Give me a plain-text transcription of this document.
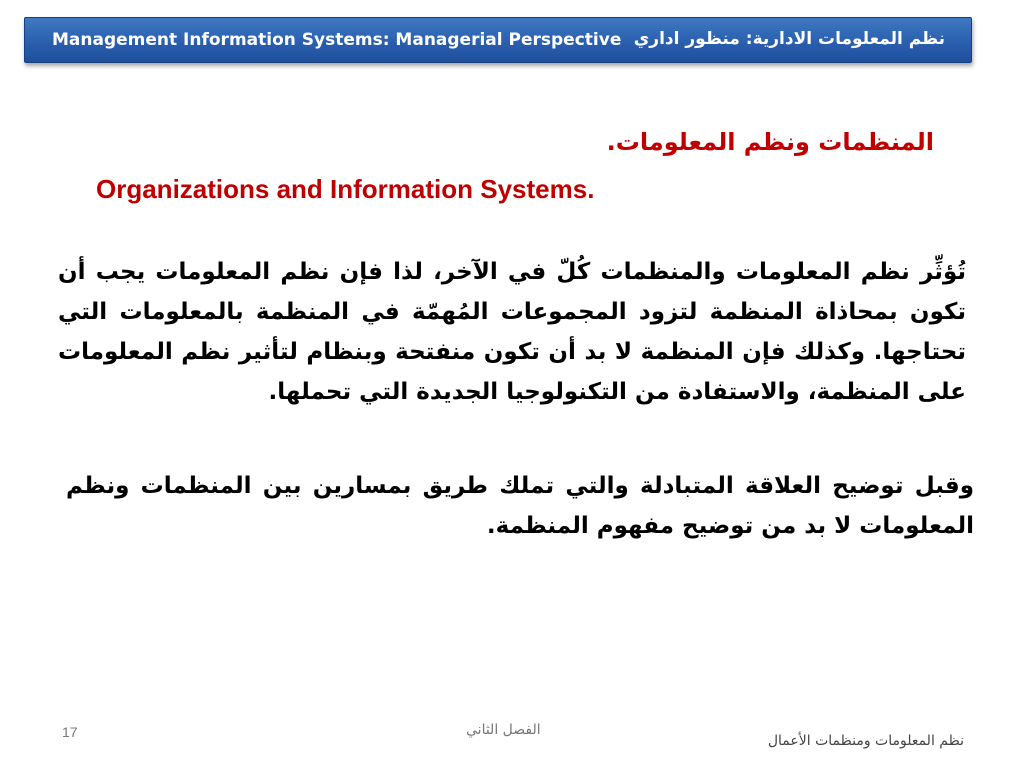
Management Information Systems: Managerial Perspective نظم المعلومات الادارية: منظور اداري
المنظمات ونظم المعلومات.
Organizations and Information Systems.
تُؤثِّر نظم المعلومات والمنظمات كُلّ في الآخر، لذا فإن نظم المعلومات يجب أن تكون بمحاذاة المنظمة لتزود المجموعات المُهمّة في المنظمة بالمعلومات التي تحتاجها. وكذلك فإن المنظمة لا بد أن تكون منفتحة وبنظام لتأثير نظم المعلومات على المنظمة، والاستفادة من التكنولوجيا الجديدة التي تحملها.
وقبل توضيح العلاقة المتبادلة والتي تملك طريق بمسارين بين المنظمات ونظم المعلومات لا بد من توضيح مفهوم المنظمة.
17	الفصل الثاني
نظم المعلومات ومنظمات الأعمال
